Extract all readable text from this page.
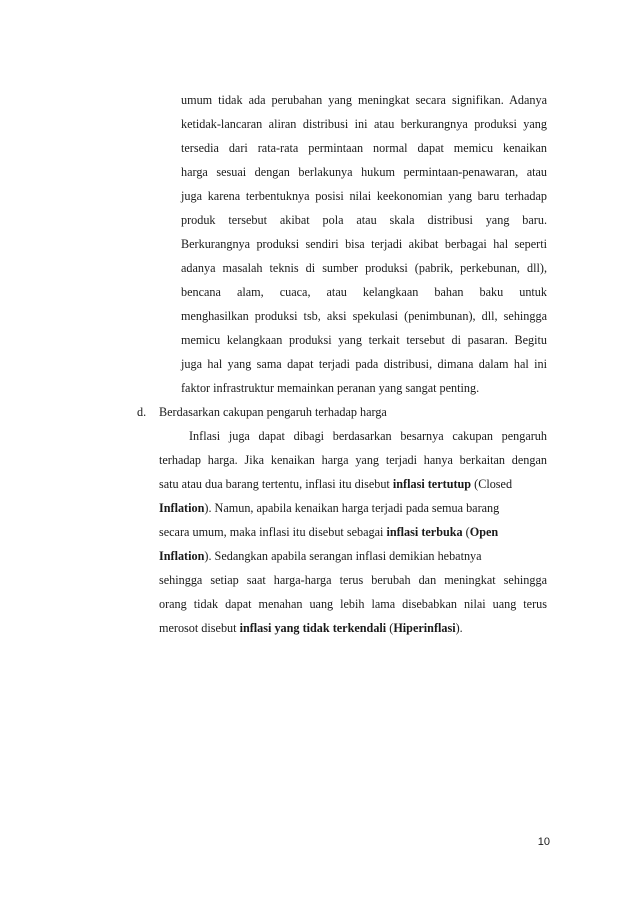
umum tidak ada perubahan yang meningkat secara signifikan. Adanya
ketidak-lancaran aliran distribusi ini atau berkurangnya produksi yang
tersedia dari rata-rata permintaan normal dapat memicu kenaikan
harga sesuai dengan berlakunya hukum permintaan-penawaran, atau
juga karena terbentuknya posisi nilai keekonomian yang baru terhadap
produk tersebut akibat pola atau skala distribusi yang baru.
Berkurangnya produksi sendiri bisa terjadi akibat berbagai hal seperti
adanya masalah teknis di sumber produksi (pabrik, perkebunan, dll),
bencana alam, cuaca, atau kelangkaan bahan baku untuk
menghasilkan produksi tsb, aksi spekulasi (penimbunan), dll, sehingga
memicu kelangkaan produksi yang terkait tersebut di pasaran. Begitu
juga hal yang sama dapat terjadi pada distribusi, dimana dalam hal ini
faktor infrastruktur memainkan peranan yang sangat penting.
d. Berdasarkan cakupan pengaruh terhadap harga
Inflasi juga dapat dibagi berdasarkan besarnya cakupan pengaruh
terhadap harga. Jika kenaikan harga yang terjadi hanya berkaitan dengan
satu atau dua barang tertentu, inflasi itu disebut inflasi tertutup (Closed
Inflation). Namun, apabila kenaikan harga terjadi pada semua barang
secara umum, maka inflasi itu disebut sebagai inflasi terbuka (Open
Inflation). Sedangkan apabila serangan inflasi demikian hebatnya
sehingga setiap saat harga-harga terus berubah dan meningkat sehingga
orang tidak dapat menahan uang lebih lama disebabkan nilai uang terus
merosot disebut inflasi yang tidak terkendali (Hiperinflasi).
10
